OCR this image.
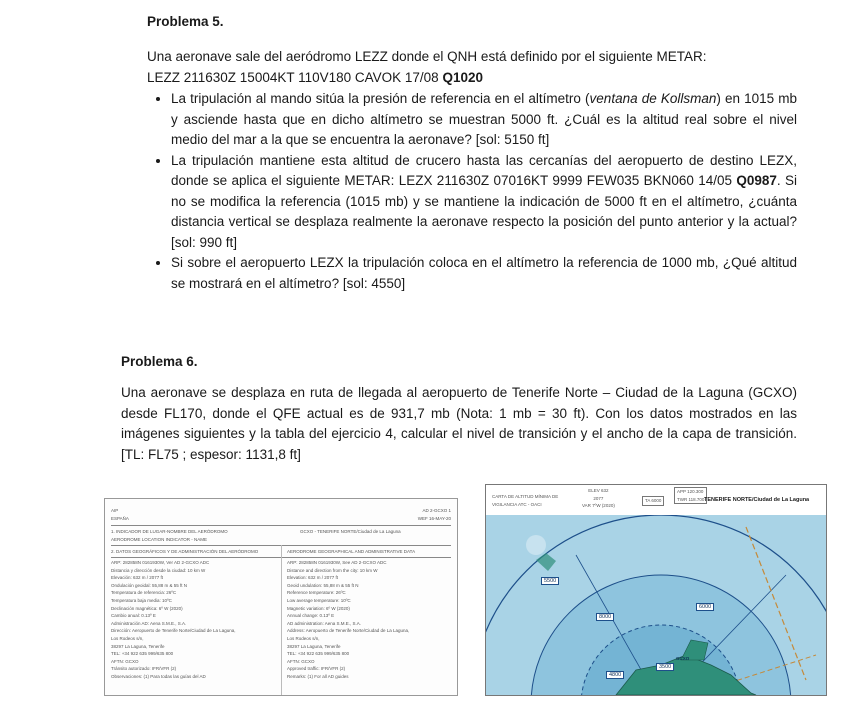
Problema 5.

Una aeronave sale del aeródromo LEZZ donde el QNH está definido por el siguiente METAR:

LEZZ 211630Z 15004KT 110V180 CAVOK 17/08 Q1020

• La tripulación al mando sitúa la presión de referencia en el altímetro (ventana de Kollsman) en 1015 mb y asciende hasta que en dicho altímetro se muestran 5000 ft. ¿Cuál es la altitud real sobre el nivel medio del mar a la que se encuentra la aeronave? [sol: 5150 ft]
• La tripulación mantiene esta altitud de crucero hasta las cercanías del aeropuerto de destino LEZX, donde se aplica el siguiente METAR: LEZX 211630Z 07016KT 9999 FEW035 BKN060 14/05 Q0987. Si no se modifica la referencia (1015 mb) y se mantiene la indicación de 5000 ft en el altímetro, ¿cuánta distancia vertical se desplaza realmente la aeronave respecto la posición del punto anterior y la actual? [sol: 990 ft]
• Si sobre el aeropuerto LEZX la tripulación coloca en el altímetro la referencia de 1000 mb, ¿Qué altitud se mostrará en el altímetro? [sol: 4550]
Problema 6.

Una aeronave se desplaza en ruta de llegada al aeropuerto de Tenerife Norte – Ciudad de la Laguna (GCXO) desde FL170, donde el QFE actual es de 931,7 mb (Nota: 1 mb = 30 ft). Con los datos mostrados en las imágenes siguientes y la tabla del ejercicio 4, calcular el nivel de transición y el ancho de la capa de transición. [TL: FL75 ; espesor: 1131,8 ft]

AIP
ESPAÑA
AD 2-GCXO 1
WEF 16-MAY-20
1. INDICADOR DE LUGAR-NOMBRE DEL AERÓDROMO
AERODROME LOCATION INDICATOR - NAME
GCXO - TENERIFE NORTE/Ciudad de La Laguna
2. DATOS GEOGRÁFICOS Y DE ADMINISTRACIÓN DEL AERÓDROMO	AERODROME GEOGRAPHICAL AND ADMINISTRATIVE DATA
ARP: 282858N 0161930W, Ver AD 2-GCXO ADC
Distancia y dirección desde la ciudad: 10 km W
Elevación: 632 m / 2077 ft
Ondulación geoidal: 55,88 m & 55 ft N
Temperatura de referencia: 26ºC
Temperatura baja media: 10ºC
Declinación magnética: 6º W (2020)
Cambio anual: 0.13º E
Administración AD: Aena S.M.E., S.A.
Dirección: Aeropuerto de Tenerife Norte/Ciudad de La Laguna,
Los Rodeos s/n,
38297 La Laguna, Tenerife
TEL: +34 922 635 999/635 800
AFTN: GCXO
Tránsito autorizado: IFR/VFR (2)
Observaciones: (1) Para todas las guías del AD
ARP: 282858N 0161930W, See AD 2-GCXO ADC
Distance and direction from the city: 10 km W
Elevation: 632 m / 2077 ft
Geoid undulation: 55,88 m & 55 ft N
Reference temperature: 26ºC
Low average temperature: 10ºC
Magnetic variation: 6º W (2020)
Annual change: 0.13º E
AD administration: Aena S.M.E., S.A.
Address: Aeropuerto de Tenerife Norte/Ciudad de La Laguna,
Los Rodeos s/n,
38297 La Laguna, Tenerife
TEL: +34 922 635 999/635 800
AFTN: GCXO
Approved traffic: IFR/VFR (2)
Remarks: (1) For all AD guides
CARTA DE ALTITUD MÍNIMA DE
VIGILANCIA ATC - OACI
ELEV 632
2077
VAR 7ºW (2020)
TA 6000
APP 120.300
TWR 118.700 TENERIFE NORTE/Ciudad de La Laguna
5500
8000
6000
3500
4800
GCXO
